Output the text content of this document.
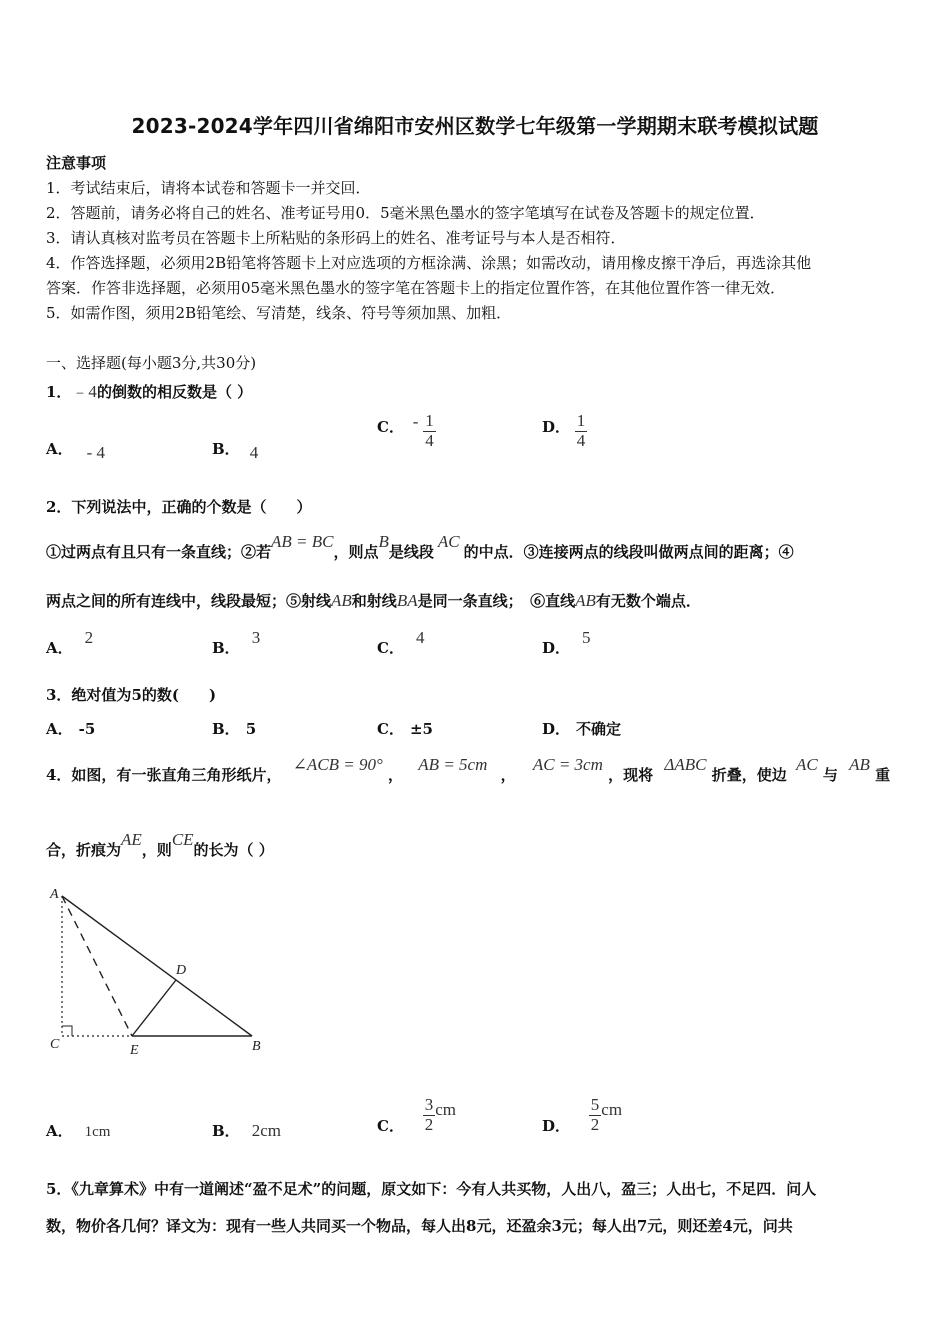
2023-2024学年四川省绵阳市安州区数学七年级第一学期期末联考模拟试题
注意事项
1．考试结束后，请将本试卷和答题卡一并交回．
2．答题前，请务必将自己的姓名、准考证号用0．5毫米黑色墨水的签字笔填写在试卷及答题卡的规定位置．
3．请认真核对监考员在答题卡上所粘贴的条形码上的姓名、准考证号与本人是否相符．
4．作答选择题，必须用2B铅笔将答题卡上对应选项的方框涂满、涂黑；如需改动，请用橡皮擦干净后，再选涂其他
答案．作答非选择题，必须用05毫米黑色墨水的签字笔在答题卡上的指定位置作答，在其他位置作答一律无效．
5．如需作图，须用2B铅笔绘、写清楚，线条、符号等须加黑、加粗．
一、选择题(每小题3分,共30分)
1．﹣4的倒数的相反数是（ ）
A． - 4	B． 4
C． - $\frac{1}{4}$	D． $\frac{1}{4}$
2．下列说法中，正确的个数是（　　）
①过两点有且只有一条直线；②若AB = BC，则点B是线段AC的中点．③连接两点的线段叫做两点间的距离；④
两点之间的所有连线中，线段最短；⑤射线AB和射线BA是同一条直线；　⑥直线AB有无数个端点．
A．2
B．3
C．4
D．5
3．绝对值为5的数(　　)
A． -5	B． 5	C． ±5	D． 不确定
4．如图，有一张直角三角形纸片， ∠ACB = 90° ， AB = 5cm ， AC = 3cm ，现将 ΔABC 折叠，使边 AC 与 AB 重
合，折痕为AE，则CE的长为（ ）
A
D
C	E	B
A． 1cm	B． 2cm	C． $\frac{3}{2}$ cm
D． $\frac{5}{2}$ cm
5．《九章算术》中有一道阐述“盈不足术”的问题，原文如下：今有人共买物，人出八，盈三；人出七，不足四．问人
数，物价各几何？译文为：现有一些人共同买一个物品，每人出8元，还盈余3元；每人出7元，则还差4元，问共
